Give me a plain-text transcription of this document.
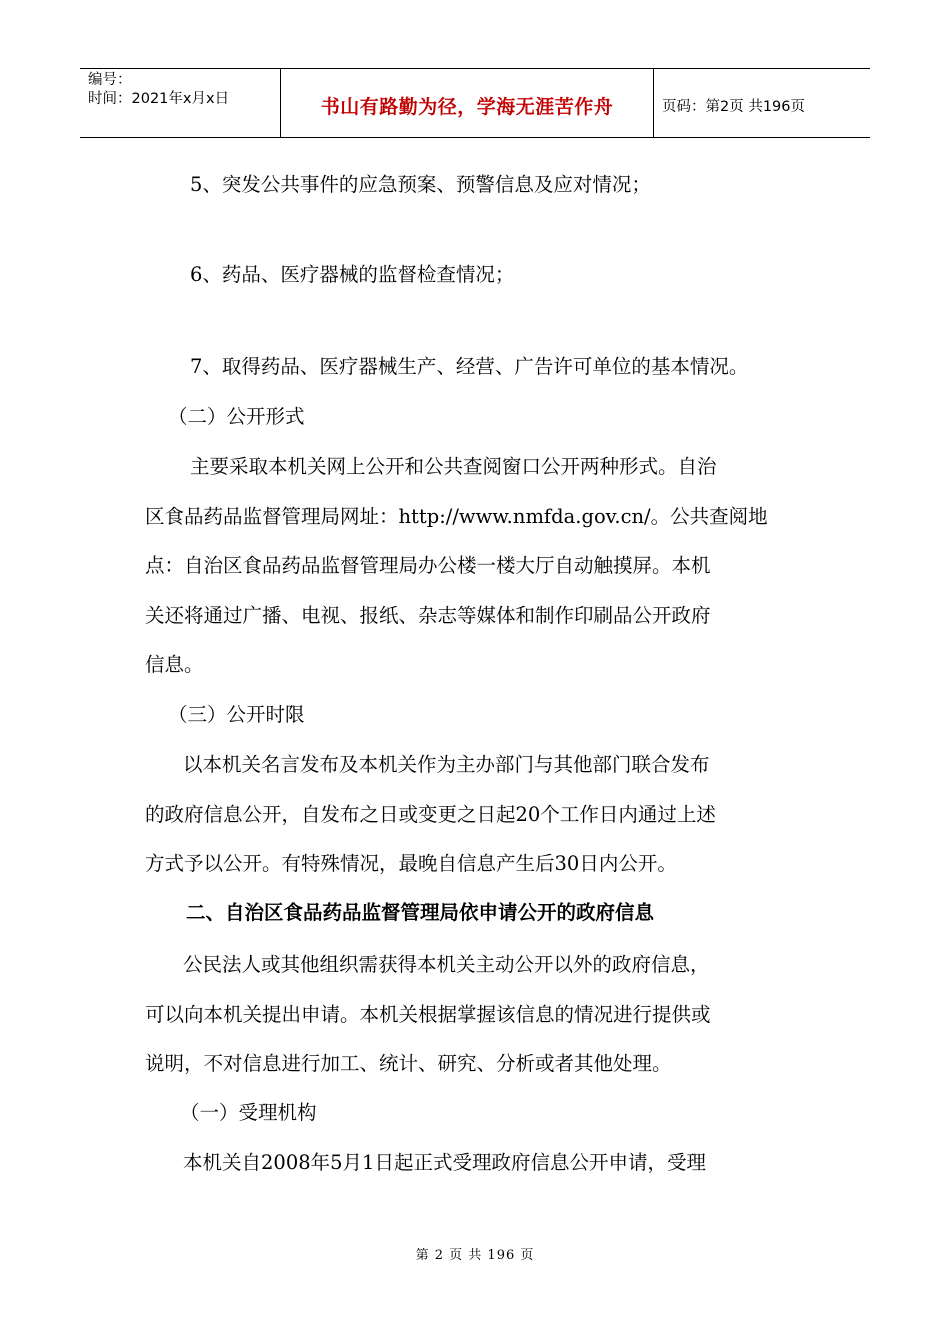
编号：
时间：2021年x月x日	书山有路勤为径，学海无涯苦作舟	页码：第2页 共196页

5、突发公共事件的应急预案、预警信息及应对情况；

6、药品、医疗器械的监督检查情况；

7、取得药品、医疗器械生产、经营、广告许可单位的基本情况。

（二）公开形式

主要采取本机关网上公开和公共查阅窗口公开两种形式。自治
区食品药品监督管理局网址：http://www.nmfda.gov.cn/。公共查阅地
点：自治区食品药品监督管理局办公楼一楼大厅自动触摸屏。本机
关还将通过广播、电视、报纸、杂志等媒体和制作印刷品公开政府
信息。

（三）公开时限

以本机关名言发布及本机关作为主办部门与其他部门联合发布
的政府信息公开，自发布之日或变更之日起20个工作日内通过上述
方式予以公开。有特殊情况，最晚自信息产生后30日内公开。

二、自治区食品药品监督管理局依申请公开的政府信息

公民法人或其他组织需获得本机关主动公开以外的政府信息，
可以向本机关提出申请。本机关根据掌握该信息的情况进行提供或
说明，不对信息进行加工、统计、研究、分析或者其他处理。

（一）受理机构

本机关自2008年5月1日起正式受理政府信息公开申请，受理

第 2 页 共 196 页
